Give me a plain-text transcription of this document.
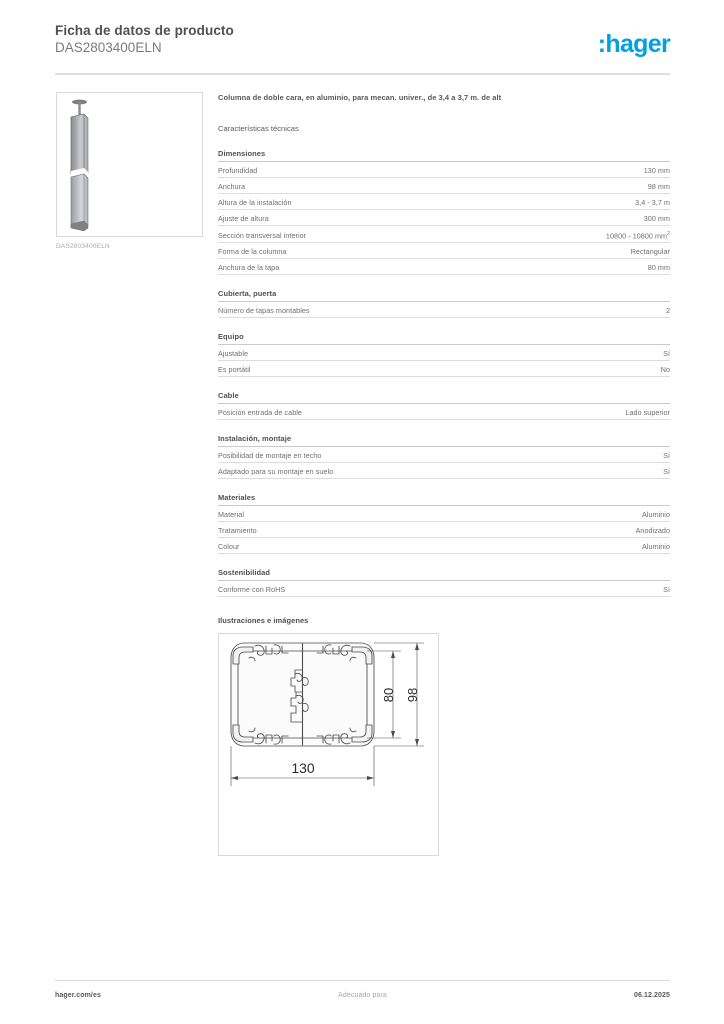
Ficha de datos de producto
DAS2803400ELN	:hager
DAS2803400ELN
Columna de doble cara, en aluminio, para mecan. univer., de 3,4 a 3,7 m. de alt
Características técnicas
Dimensiones
Profundidad	130 mm
Anchura	98 mm
Altura de la instalación	3,4 - 3,7 m
Ajuste de altura	300 mm
Sección transversal interior	10800 - 10800 $mm^2$
Forma de la columna	Rectangular
Anchura de la tapa	80 mm
Cubierta, puerta
Número de tapas montables	2
Equipo
Ajustable	Sí
Es portátil	No
Cable
Posición entrada de cable	Lado superior
Instalación, montaje
Posibilidad de montaje en techo	Sí
Adaptado para su montaje en suelo	Sí
Materiales
Material	Aluminio
Tratamiento	Anodizado
Colour	Aluminio
Sostenibilidad
Conforme con RoHS	Sí
Ilustraciones e imágenes
80 98
130
hager.com/es	Adecuado para	06.12.2025
